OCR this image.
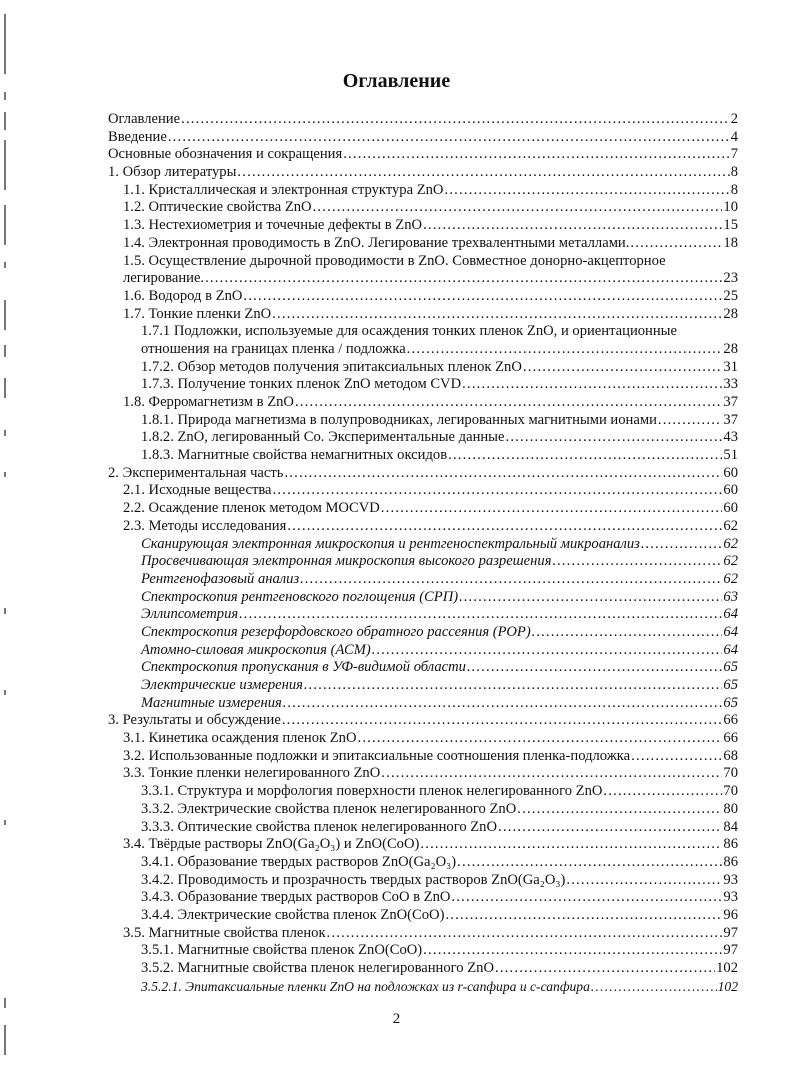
Оглавление
Оглавление .....	2
Введение .....	4
Основные обозначения и сокращения .....	7
1. Обзор литературы .....	8
1.1. Кристаллическая и электронная структура ZnO .....	8
1.2. Оптические свойства ZnO .....	10
1.3. Нестехиометрия и точечные дефекты в ZnO .....	15
1.4. Электронная проводимость в ZnO. Легирование трехвалентными металлами. .....	18
1.5. Осуществление дырочной проводимости в ZnO. Совместное донорно-акцепторное
легирование. .....	23
1.6. Водород в ZnO .....	25
1.7. Тонкие пленки ZnO .....	28
1.7.1 Подложки, используемые для осаждения тонких пленок ZnO, и ориентационные
отношения на границах пленка / подложка .....	28
1.7.2. Обзор методов получения эпитаксиальных пленок ZnO .....	31
1.7.3. Получение тонких пленок ZnO методом CVD .....	33
1.8. Ферромагнетизм в ZnO .....	37
1.8.1. Природа магнетизма в полупроводниках, легированных магнитными ионами .....	37
1.8.2. ZnO, легированный Co. Экспериментальные данные .....	43
1.8.3. Магнитные свойства немагнитных оксидов .....	51
2. Экспериментальная часть .....	60
2.1. Исходные вещества .....	60
2.2. Осаждение пленок методом MOCVD .....	60
2.3. Методы исследования .....	62
Сканирующая электронная микроскопия и рентгеноспектральный микроанализ .....	62
Просвечивающая электронная микроскопия высокого разрешения .....	62
Рентгенофазовый анализ .....	62
Спектроскопия рентгеновского поглощения (СРП) .....	63
Эллипсометрия .....	64
Спектроскопия резерфордовского обратного рассеяния (РОР) .....	64
Атомно-силовая микроскопия (АСМ) .....	64
Спектроскопия пропускания в УФ-видимой области .....	65
Электрические измерения .....	65
Магнитные измерения .....	65
3. Результаты и обсуждение .....	66
3.1. Кинетика осаждения пленок ZnO .....	66
3.2. Использованные подложки и эпитаксиальные соотношения пленка-подложка .....	68
3.3. Тонкие пленки нелегированного ZnO .....	70
3.3.1. Структура и морфология поверхности пленок нелегированного ZnO .....	70
3.3.2. Электрические свойства пленок нелегированного ZnO .....	80
3.3.3. Оптические свойства пленок нелегированного ZnO .....	84
3.4. Твёрдые растворы ZnO(Ga₂O₃) и ZnO(CoO) .....	86
3.4.1. Образование твердых растворов ZnO(Ga₂O₃) .....	86
3.4.2. Проводимость и прозрачность твердых растворов ZnO(Ga₂O₃) .....	93
3.4.3. Образование твердых растворов CoO в ZnO .....	93
3.4.4. Электрические свойства пленок ZnO(CoO) .....	96
3.5. Магнитные свойства пленок .....	97
3.5.1. Магнитные свойства пленок ZnO(CoO) .....	97
3.5.2. Магнитные свойства пленок нелегированного ZnO .....	102
3.5.2.1. Эпитаксиальные пленки ZnO на подложках из r-сапфира и c-сапфира .....	102
2
